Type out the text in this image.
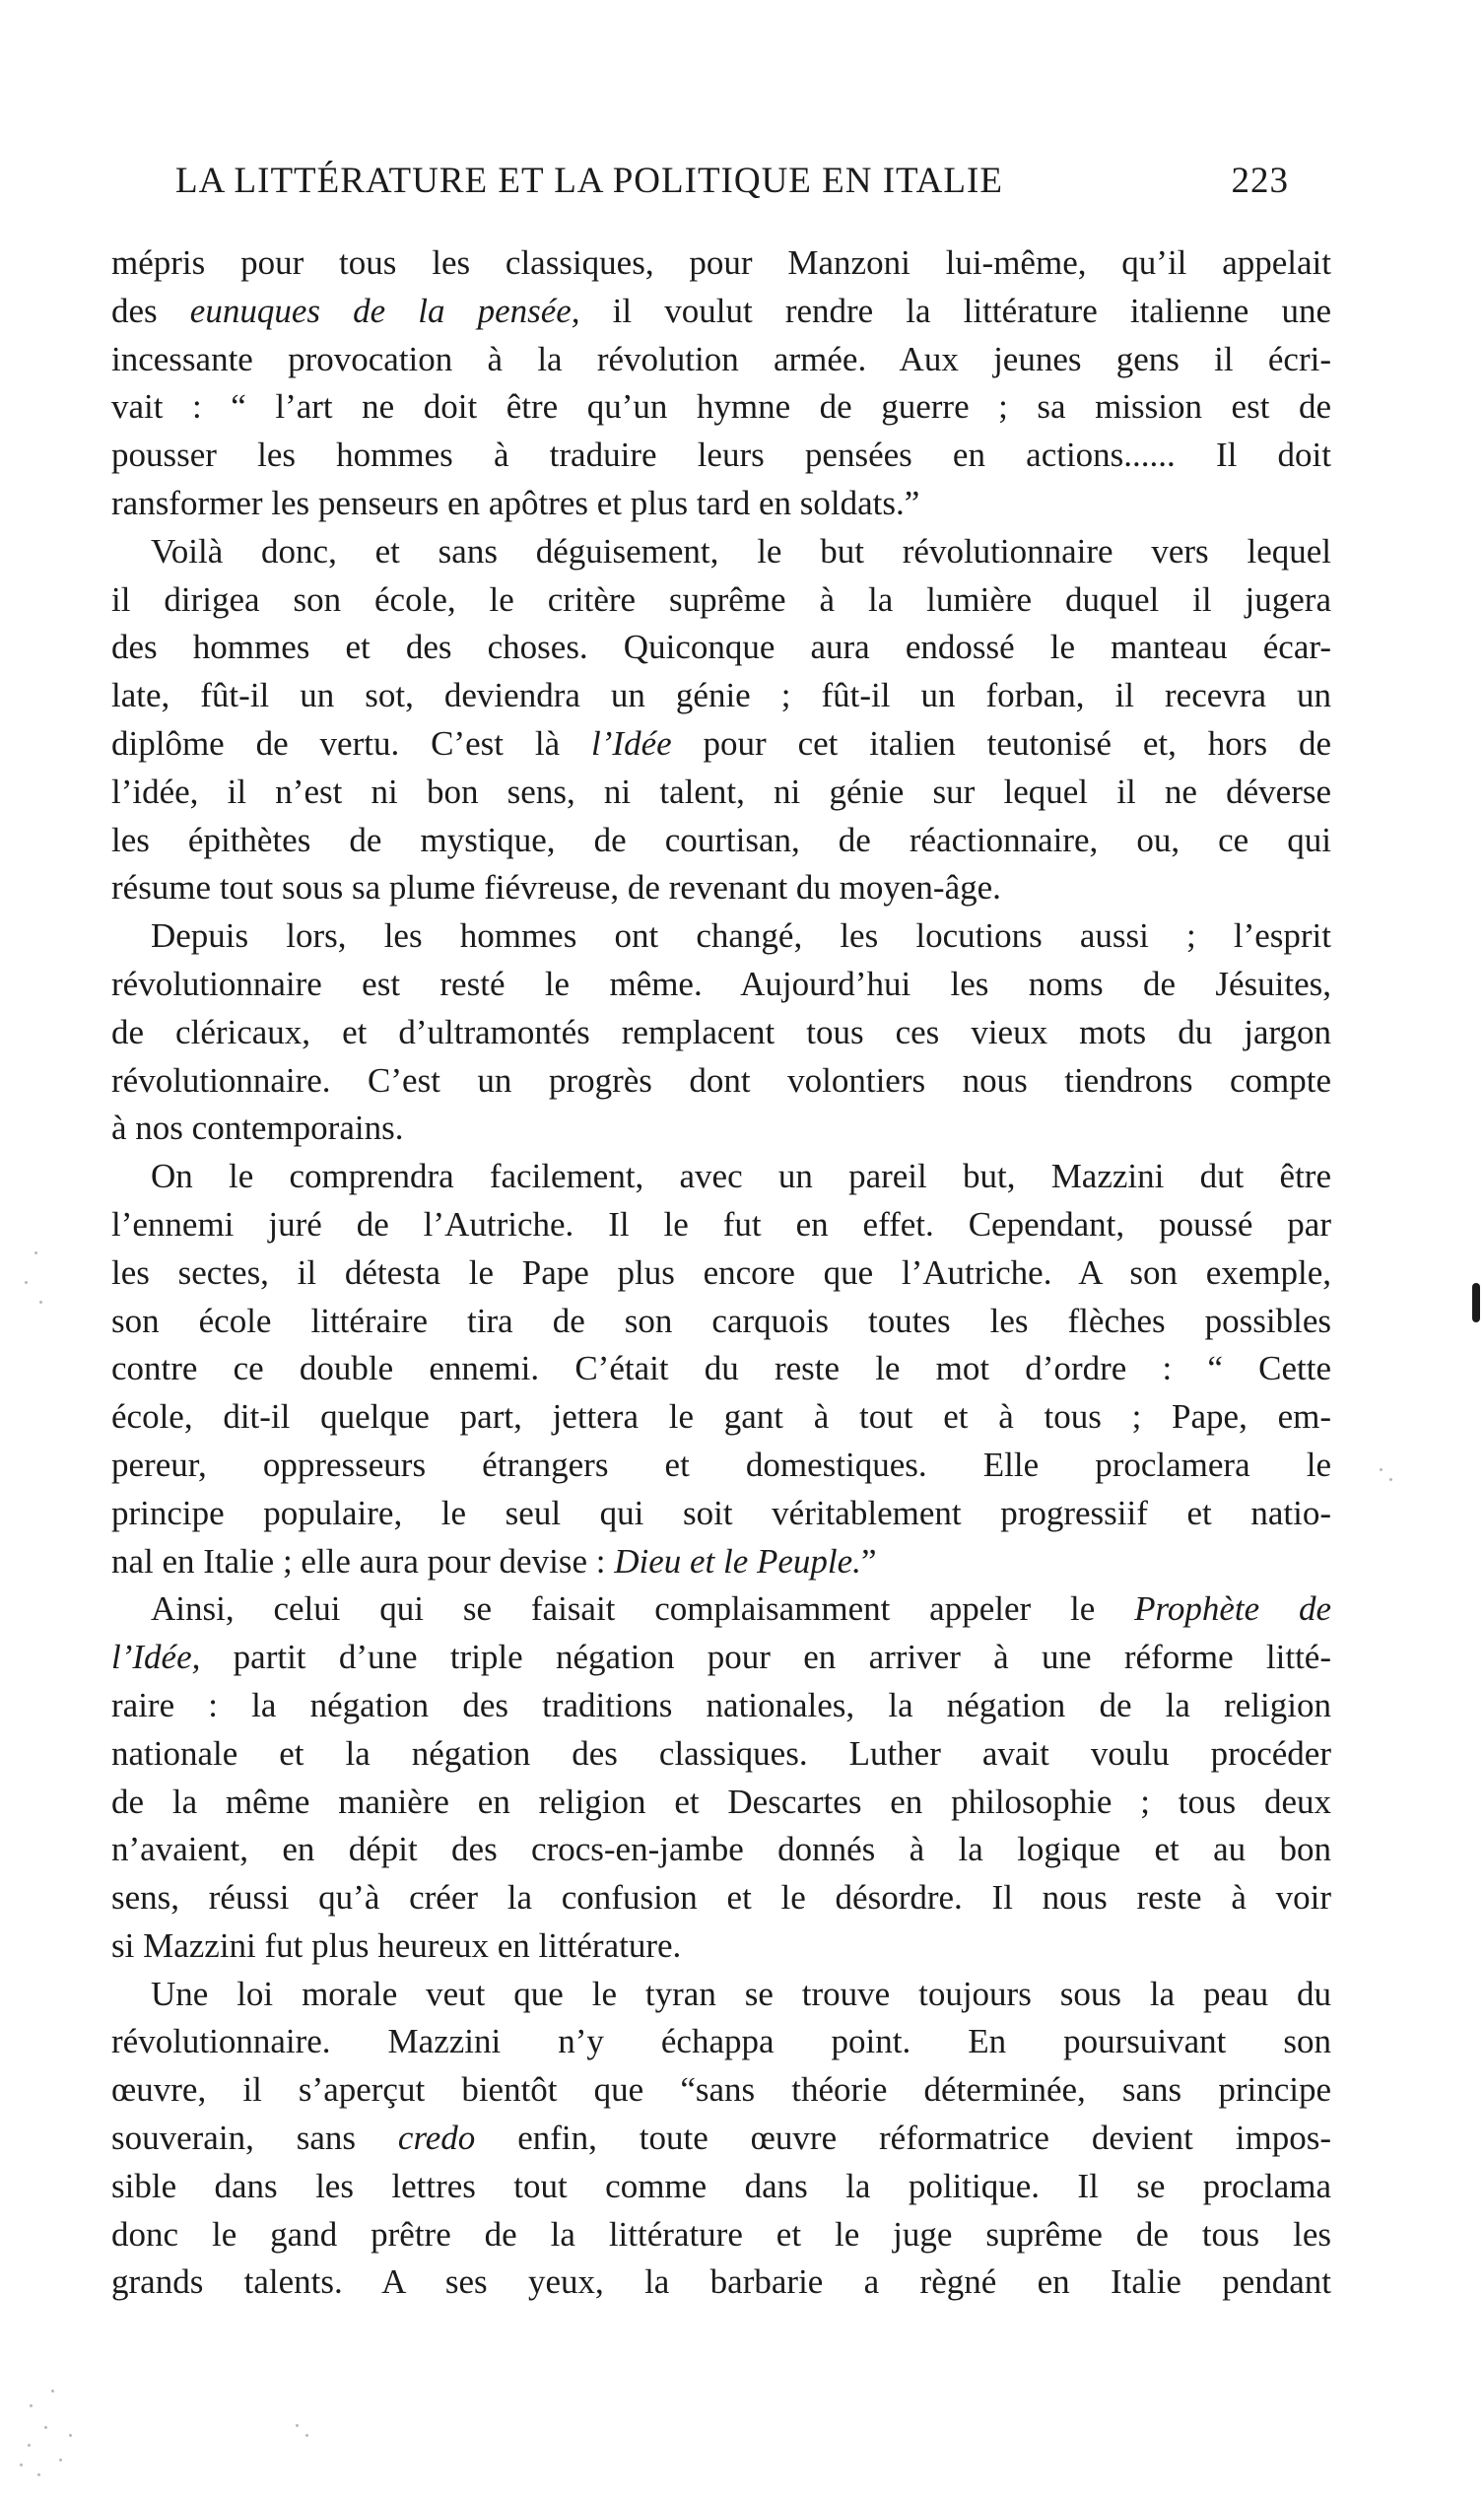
LA LITTÉRATURE ET LA POLITIQUE EN ITALIE	223
mépris pour tous les classiques, pour Manzoni lui-même, qu’il appelait
des eunuques de la pensée, il voulut rendre la littérature italienne une
incessante provocation à la révolution armée. Aux jeunes gens il écri-
vait : “ l’art ne doit être qu’un hymne de guerre ; sa mission est de
pousser les hommes à traduire leurs pensées en actions...... Il doit
ransformer les penseurs en apôtres et plus tard en soldats.”
Voilà donc, et sans déguisement, le but révolutionnaire vers lequel
il dirigea son école, le critère suprême à la lumière duquel il jugera
des hommes et des choses. Quiconque aura endossé le manteau écar-
late, fût-il un sot, deviendra un génie ; fût-il un forban, il recevra un
diplôme de vertu. C’est là l’Idée pour cet italien teutonisé et, hors de
l’idée, il n’est ni bon sens, ni talent, ni génie sur lequel il ne déverse
les épithètes de mystique, de courtisan, de réactionnaire, ou, ce qui
résume tout sous sa plume fiévreuse, de revenant du moyen-âge.
Depuis lors, les hommes ont changé, les locutions aussi ; l’esprit
révolutionnaire est resté le même. Aujourd’hui les noms de Jésuites,
de cléricaux, et d’ultramontés remplacent tous ces vieux mots du jargon
révolutionnaire. C’est un progrès dont volontiers nous tiendrons compte
à nos contemporains.
On le comprendra facilement, avec un pareil but, Mazzini dut être
l’ennemi juré de l’Autriche. Il le fut en effet. Cependant, poussé par
les sectes, il détesta le Pape plus encore que l’Autriche. A son exemple,
son école littéraire tira de son carquois toutes les flèches possibles
contre ce double ennemi. C’était du reste le mot d’ordre : “ Cette
école, dit-il quelque part, jettera le gant à tout et à tous ; Pape, em-
pereur, oppresseurs étrangers et domestiques. Elle proclamera le
principe populaire, le seul qui soit véritablement progressiif et natio-
nal en Italie ; elle aura pour devise : Dieu et le Peuple.”
Ainsi, celui qui se faisait complaisamment appeler le Prophète de
l’Idée, partit d’une triple négation pour en arriver à une réforme litté-
raire : la négation des traditions nationales, la négation de la religion
nationale et la négation des classiques. Luther avait voulu procéder
de la même manière en religion et Descartes en philosophie ; tous deux
n’avaient, en dépit des crocs-en-jambe donnés à la logique et au bon
sens, réussi qu’à créer la confusion et le désordre. Il nous reste à voir
si Mazzini fut plus heureux en littérature.
Une loi morale veut que le tyran se trouve toujours sous la peau du
révolutionnaire. Mazzini n’y échappa point. En poursuivant son
œuvre, il s’aperçut bientôt que “sans théorie déterminée, sans principe
souverain, sans credo enfin, toute œuvre réformatrice devient impos-
sible dans les lettres tout comme dans la politique. Il se proclama
donc le gand prêtre de la littérature et le juge suprême de tous les
grands talents. A ses yeux, la barbarie a règné en Italie pendant
